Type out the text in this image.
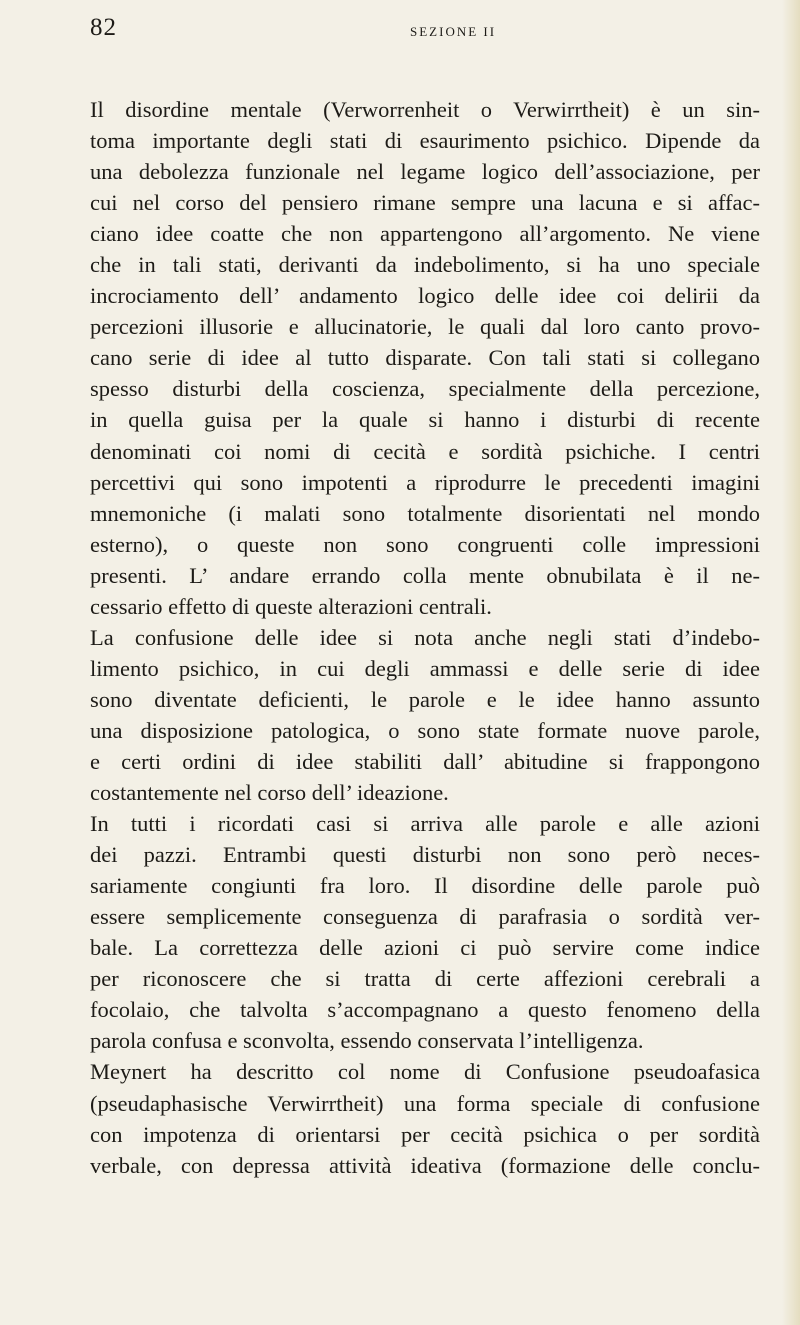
82	SEZIONE II
Il disordine mentale (Verworrenheit o Verwirrtheit) è un sin-
toma importante degli stati di esaurimento psichico. Dipende da
una debolezza funzionale nel legame logico dell’associazione, per
cui nel corso del pensiero rimane sempre una lacuna e si affac-
ciano idee coatte che non appartengono all’argomento. Ne viene
che in tali stati, derivanti da indebolimento, si ha uno speciale
incrociamento dell’ andamento logico delle idee coi delirii da
percezioni illusorie e allucinatorie, le quali dal loro canto provo-
cano serie di idee al tutto disparate. Con tali stati si collegano
spesso disturbi della coscienza, specialmente della percezione,
in quella guisa per la quale si hanno i disturbi di recente
denominati coi nomi di cecità e sordità psichiche. I centri
percettivi qui sono impotenti a riprodurre le precedenti imagini
mnemoniche (i malati sono totalmente disorientati nel mondo
esterno), o queste non sono congruenti colle impressioni
presenti. L’ andare errando colla mente obnubilata è il ne-
cessario effetto di queste alterazioni centrali.
La confusione delle idee si nota anche negli stati d’indebo-
limento psichico, in cui degli ammassi e delle serie di idee
sono diventate deficienti, le parole e le idee hanno assunto
una disposizione patologica, o sono state formate nuove parole,
e certi ordini di idee stabiliti dall’ abitudine si frappongono
costantemente nel corso dell’ ideazione.
In tutti i ricordati casi si arriva alle parole e alle azioni
dei pazzi. Entrambi questi disturbi non sono però neces-
sariamente congiunti fra loro. Il disordine delle parole può
essere semplicemente conseguenza di parafrasia o sordità ver-
bale. La correttezza delle azioni ci può servire come indice
per riconoscere che si tratta di certe affezioni cerebrali a
focolaio, che talvolta s’accompagnano a questo fenomeno della
parola confusa e sconvolta, essendo conservata l’intelligenza.
Meynert ha descritto col nome di Confusione pseudoafasica
(pseudaphasische Verwirrtheit) una forma speciale di confusione
con impotenza di orientarsi per cecità psichica o per sordità
verbale, con depressa attività ideativa (formazione delle conclu-
